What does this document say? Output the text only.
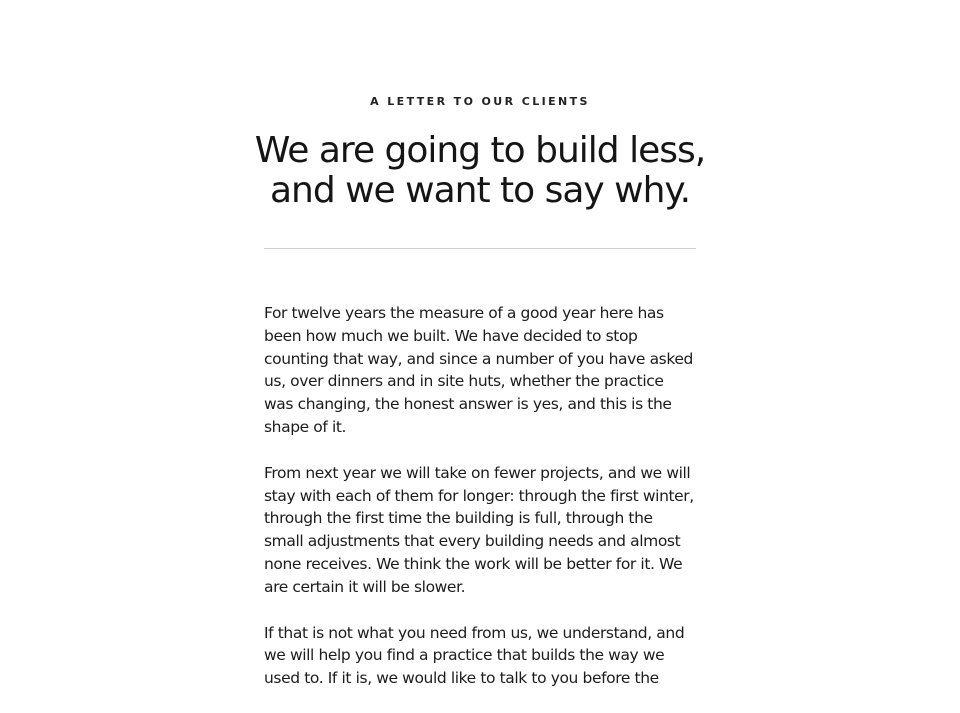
A LETTER TO OUR CLIENTS
We are going to build less,
and we want to say why.

For twelve years the measure of a good year here has
been how much we built. We have decided to stop
counting that way, and since a number of you have asked
us, over dinners and in site huts, whether the practice
was changing, the honest answer is yes, and this is the
shape of it.

From next year we will take on fewer projects, and we will
stay with each of them for longer: through the first winter,
through the first time the building is full, through the
small adjustments that every building needs and almost
none receives. We think the work will be better for it. We
are certain it will be slower.

If that is not what you need from us, we understand, and
we will help you find a practice that builds the way we
used to. If it is, we would like to talk to you before the
